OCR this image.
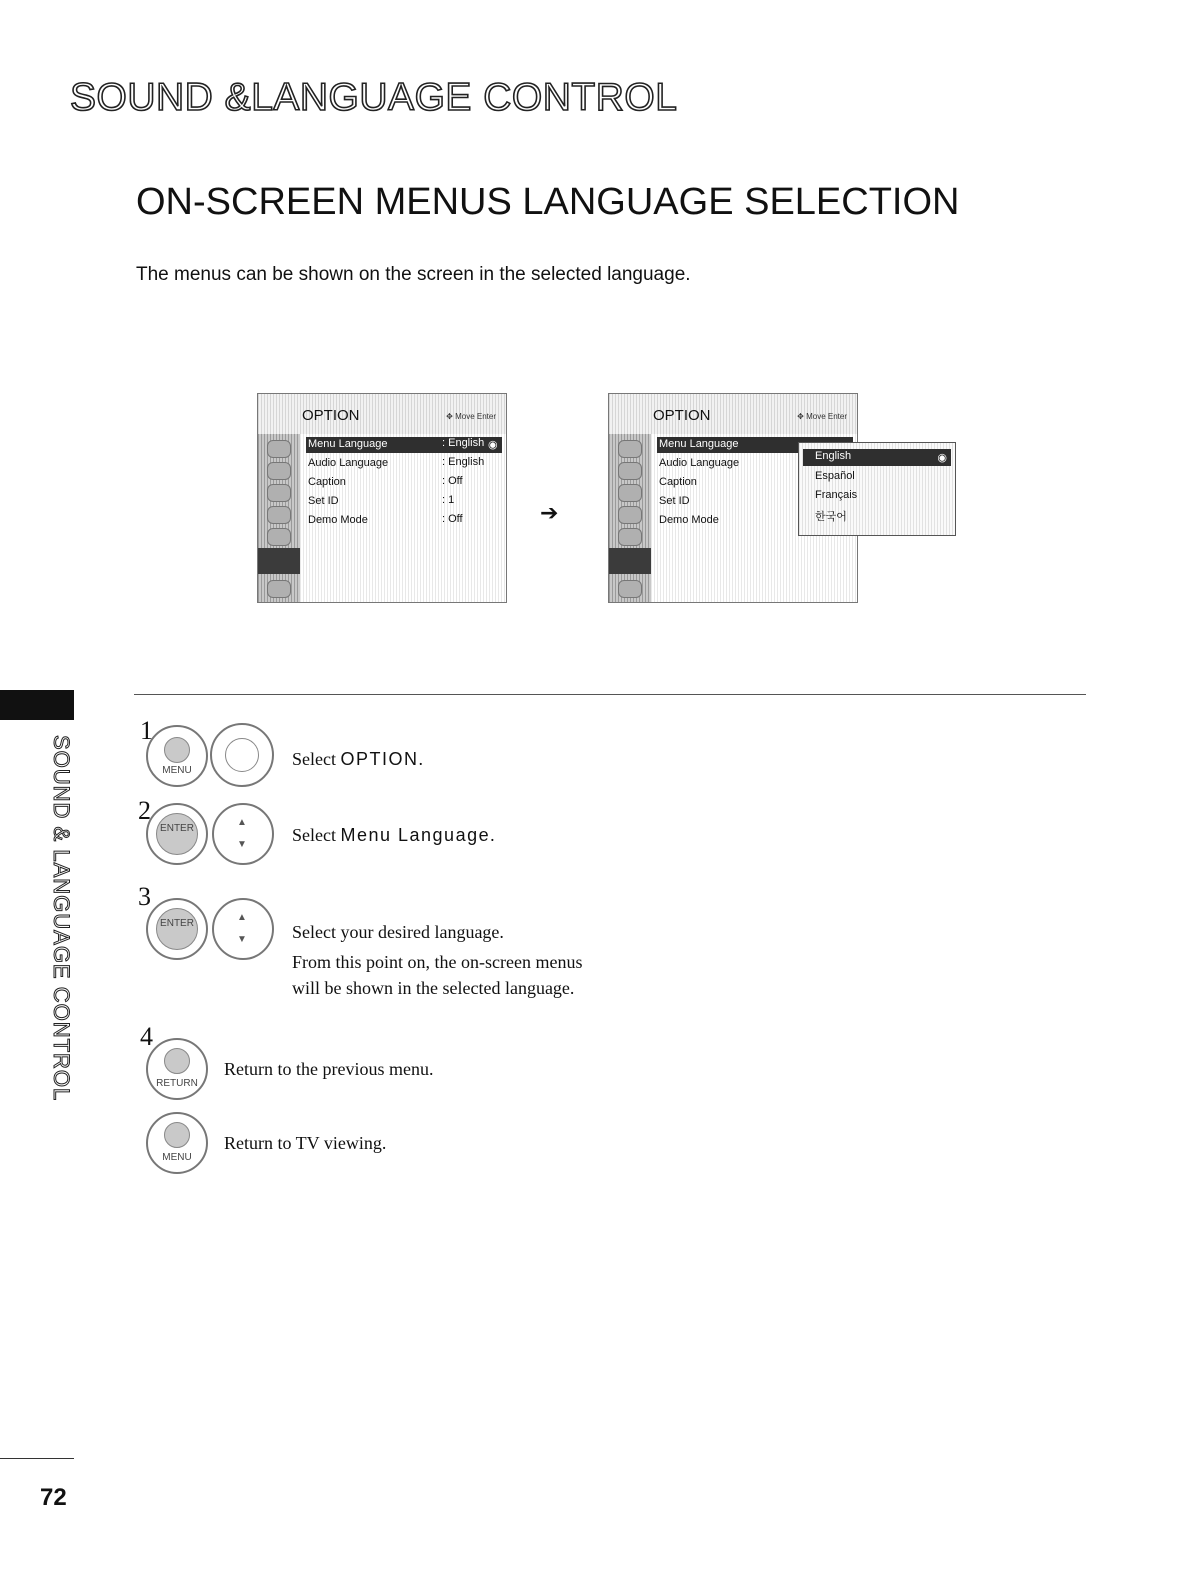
SOUND &LANGUAGE CONTROL
ON-SCREEN MENUS LANGUAGE SELECTION
The menus can be shown on the screen in the selected language.
SOUND & LANGUAGE CONTROL
OPTION	✥ Move Enter
Menu Language	: English ◉
Audio Language	: English
Caption	: Off
Set ID	: 1
Demo Mode	: Off	➔
OPTION	✥ Move Enter
Menu Language
Audio Language
Caption
Set ID
Demo Mode
English	◉
Español
Français
한국어
1
MENU
Select OPTION.
2
ENTER
▲
▼	Select Menu Language.
3
ENTER
▲
▼	Select your desired language.
From this point on, the on-screen menus
will be shown in the selected language.
4
RETURN
Return to the previous menu.
MENU
Return to TV viewing.
72
